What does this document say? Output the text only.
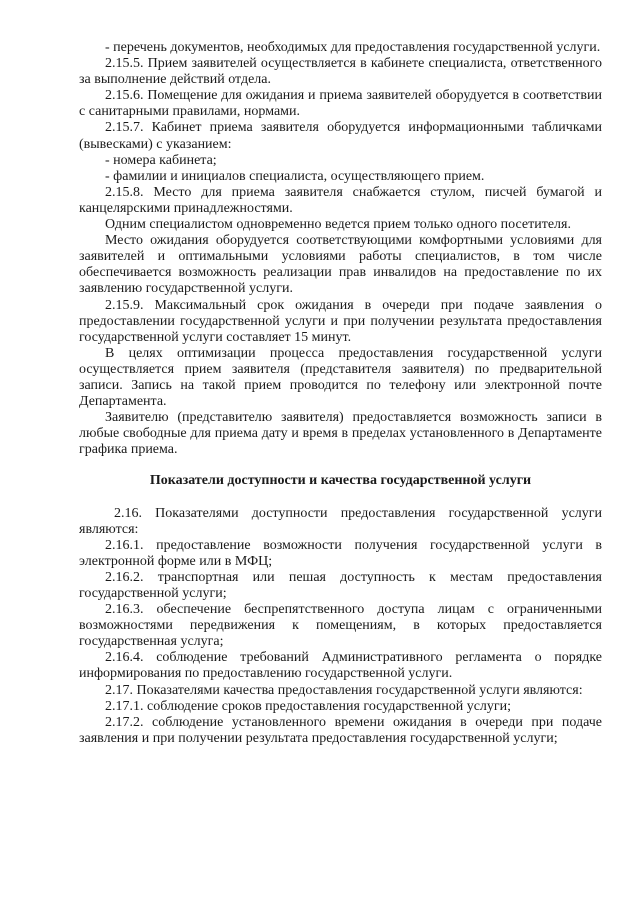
- перечень документов, необходимых для предоставления государственной услуги.

2.15.5. Прием заявителей осуществляется в кабинете специалиста, ответственного за выполнение действий отдела.

2.15.6. Помещение для ожидания и приема заявителей оборудуется в соответствии с санитарными правилами, нормами.

2.15.7. Кабинет приема заявителя оборудуется информационными табличками (вывесками) с указанием:

- номера кабинета;

- фамилии и инициалов специалиста, осуществляющего прием.

2.15.8. Место для приема заявителя снабжается стулом, писчей бумагой и канцелярскими принадлежностями.

Одним специалистом одновременно ведется прием только одного посетителя.

Место ожидания оборудуется соответствующими комфортными условиями для заявителей и оптимальными условиями работы специалистов, в том числе обеспечивается возможность реализации прав инвалидов на предоставление по их заявлению государственной услуги.

2.15.9. Максимальный срок ожидания в очереди при подаче заявления о предоставлении государственной услуги и при получении результата предоставления государственной услуги составляет 15 минут.

В целях оптимизации процесса предоставления государственной услуги осуществляется прием заявителя (представителя заявителя) по предварительной записи. Запись на такой прием проводится по телефону или электронной почте Департамента.

Заявителю (представителю заявителя) предоставляется возможность записи в любые свободные для приема дату и время в пределах установленного в Департаменте графика приема.

Показатели доступности и качества государственной услуги

2.16. Показателями доступности предоставления государственной услуги являются:

2.16.1. предоставление возможности получения государственной услуги в электронной форме или в МФЦ;

2.16.2. транспортная или пешая доступность к местам предоставления государственной услуги;

2.16.3. обеспечение беспрепятственного доступа лицам с ограниченными возможностями передвижения к помещениям, в которых предоставляется государственная услуга;

2.16.4. соблюдение требований Административного регламента о порядке информирования по предоставлению государственной услуги.

2.17. Показателями качества предоставления государственной услуги являются:

2.17.1. соблюдение сроков предоставления государственной услуги;

2.17.2. соблюдение установленного времени ожидания в очереди при подаче заявления и при получении результата предоставления государственной услуги;
